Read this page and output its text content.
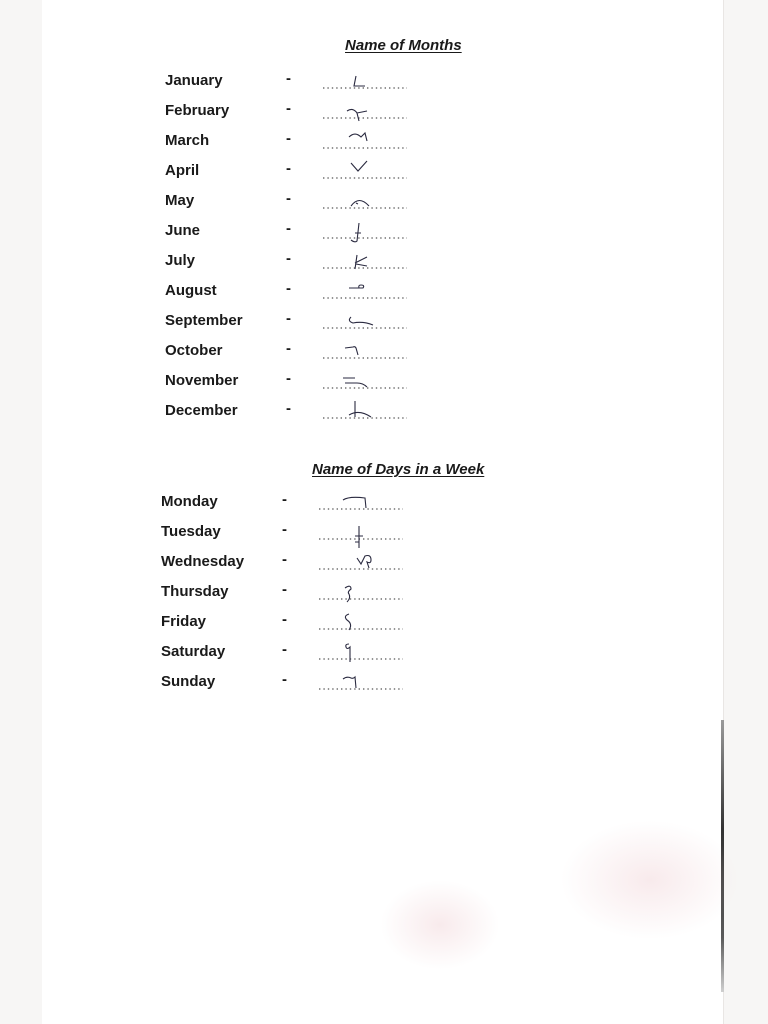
Name of Months
January	-
February	-
March	-
April	-
May	-
June	-
July	-
August	-
September	-
October	-
November	-
December	-
Name of Days in a Week
Monday	-
Tuesday	-
Wednesday	-
Thursday	-
Friday	-
Saturday	-
Sunday	-
